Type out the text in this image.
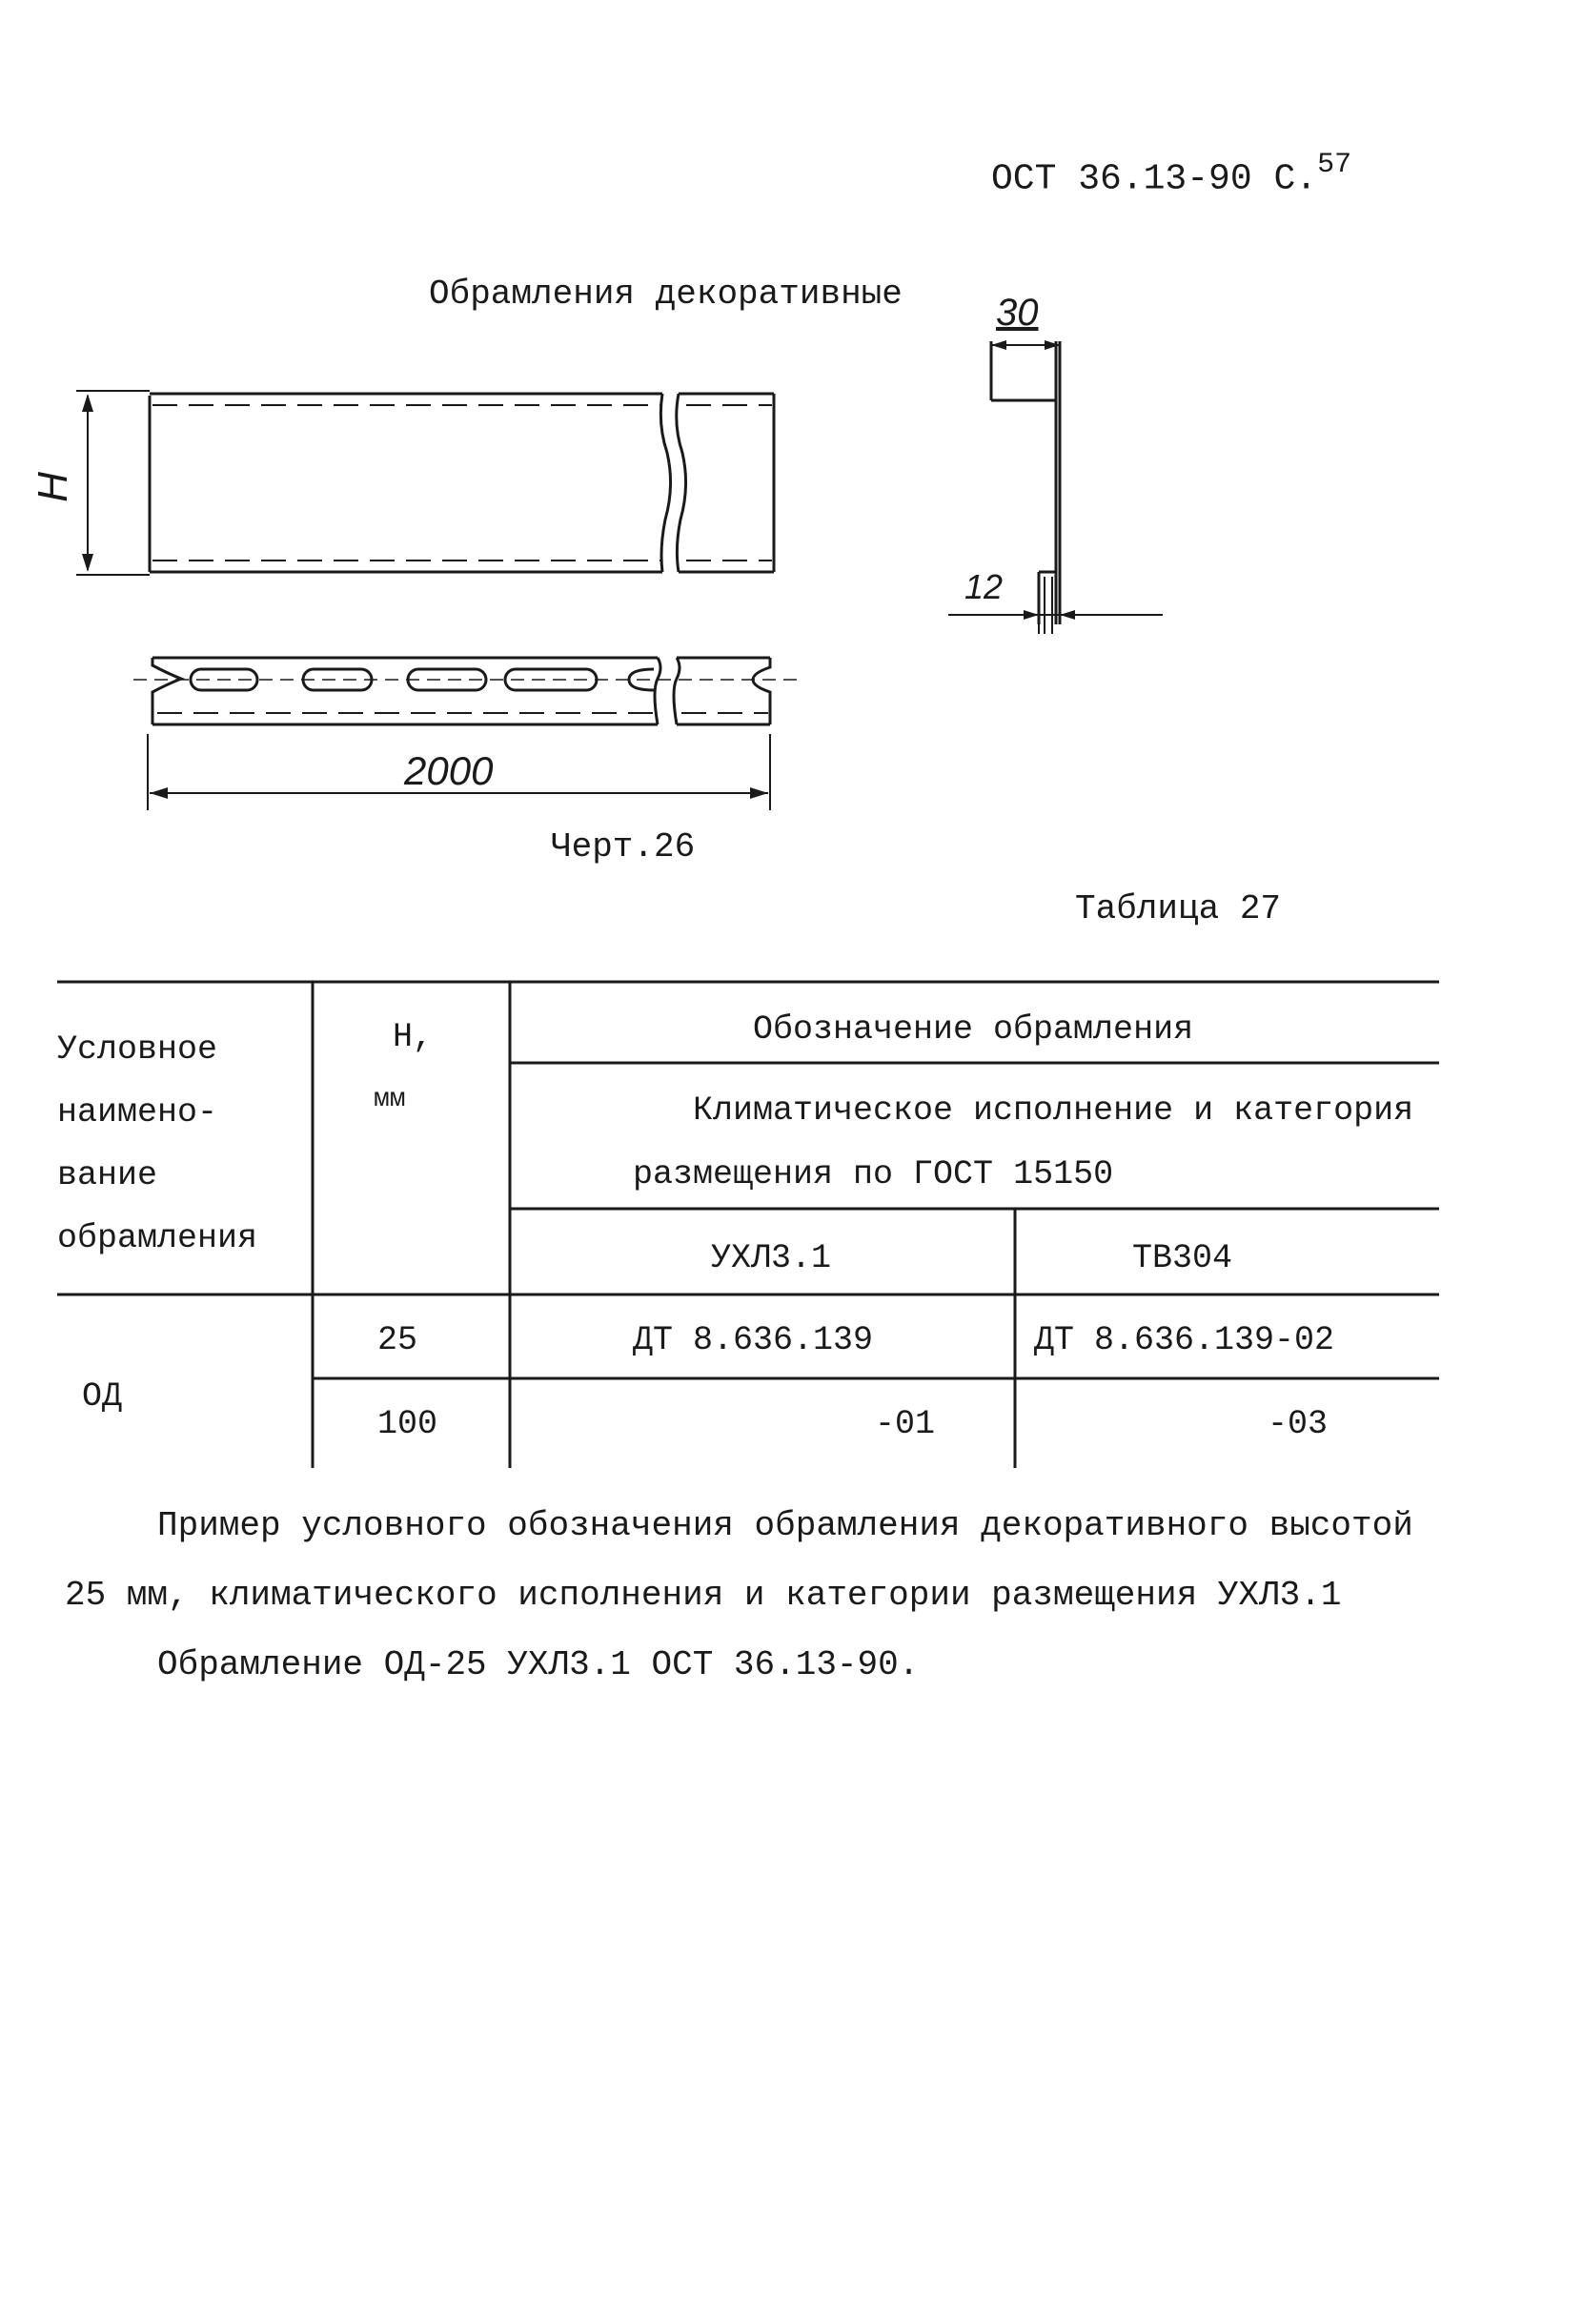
ОСТ 36.13-90 С.$^{57}$
Обрамления декоративные
H
30
12
2000
Черт.26
Таблица 27
Условное
наимено-
вание
обрамления
Н,
мм
Обозначение обрамления
Климатическое исполнение и категория
размещения по ГОСТ 15150
УХЛ3.1	ТВ304
ОД
25	ДТ 8.636.139	ДТ 8.636.139-02
100	-01	-03
Пример условного обозначения обрамления декоративного высотой
25 мм, климатического исполнения и категории размещения УХЛ3.1
Обрамление ОД-25 УХЛ3.1 ОСТ 36.13-90.
